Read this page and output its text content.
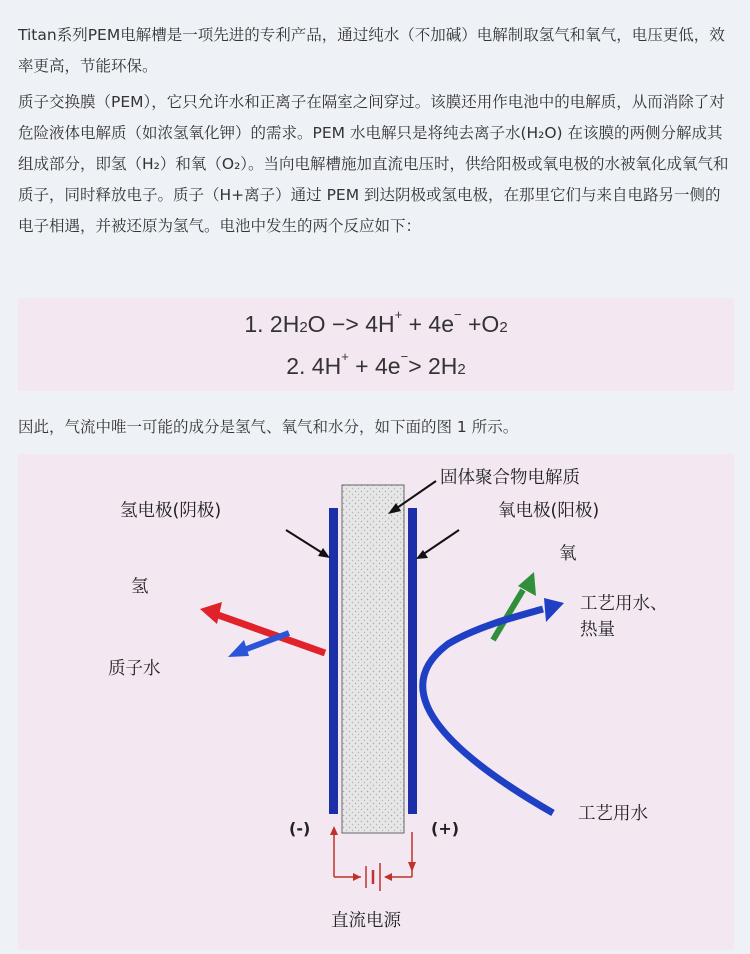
Titan系列PEM电解槽是一项先进的专利产品，通过纯水（不加碱）电解制取氢气和氧气，电压更低，效率更高，节能环保。

质子交换膜（PEM），它只允许水和正离子在隔室之间穿过。该膜还用作电池中的电解质，从而消除了对危险液体电解质（如浓氢氧化钾）的需求。PEM 水电解只是将纯去离子水(H₂O) 在该膜的两侧分解成其组成部分，即氢（H₂）和氧（O₂）。当向电解槽施加直流电压时，供给阳极或氧电极的水被氧化成氧气和质子，同时释放电子。质子（H+离子）通过 PEM 到达阴极或氢电极，在那里它们与来自电路另一侧的电子相遇，并被还原为氢气。电池中发生的两个反应如下：

1. 2H2O −> 4H+ + 4e− +O2
2. 4H+ + 4e−> 2H2

因此，气流中唯一可能的成分是氢气、氧气和水分，如下面的图 1 所示。

固体聚合物电解质
氢电极(阴极)	氧电极(阳极)
氢
质子水
氧
工艺用水、
热量
工艺用水
(-)	(+)
直流电源
